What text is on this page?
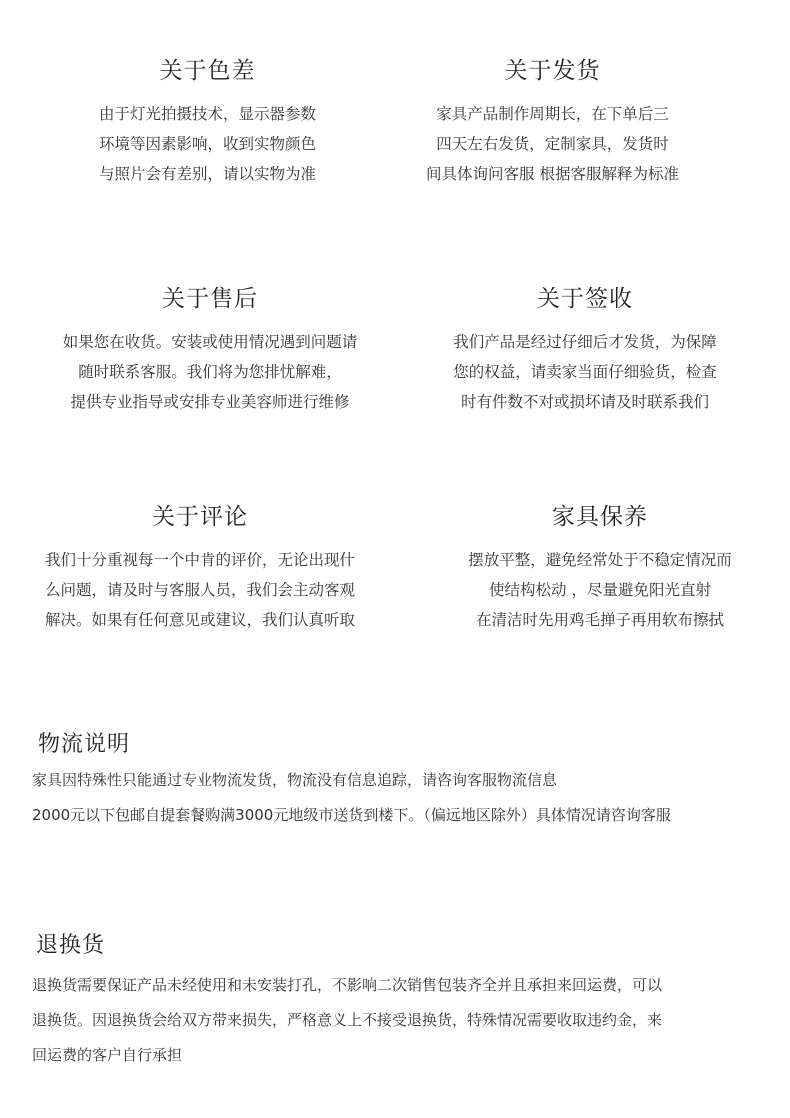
关于色差
由于灯光拍摄技术，显示器参数
环境等因素影响，收到实物颜色
与照片会有差别，请以实物为准
关于发货
家具产品制作周期长，在下单后三
四天左右发货，定制家具，发货时
间具体询问客服 根据客服解释为标准
关于售后
如果您在收货。安装或使用情况遇到问题请
随时联系客服。我们将为您排忧解难，
提供专业指导或安排专业美容师进行维修
关于签收
我们产品是经过仔细后才发货，为保障
您的权益，请卖家当面仔细验货，检查
时有件数不对或损坏请及时联系我们
关于评论
我们十分重视每一个中肯的评价，无论出现什
么问题，请及时与客服人员，我们会主动客观
解决。如果有任何意见或建议，我们认真听取
家具保养
摆放平整，避免经常处于不稳定情况而
使结构松动 ，尽量避免阳光直射
在清洁时先用鸡毛掸子再用软布擦拭
物流说明
家具因特殊性只能通过专业物流发货，物流没有信息追踪，请咨询客服物流信息
2000元以下包邮自提套餐购满3000元地级市送货到楼下。（偏远地区除外）具体情况请咨询客服
退换货
退换货需要保证产品未经使用和未安装打孔，不影响二次销售包装齐全并且承担来回运费，可以
退换货。因退换货会给双方带来损失，严格意义上不接受退换货，特殊情况需要收取违约金，来
回运费的客户自行承担
